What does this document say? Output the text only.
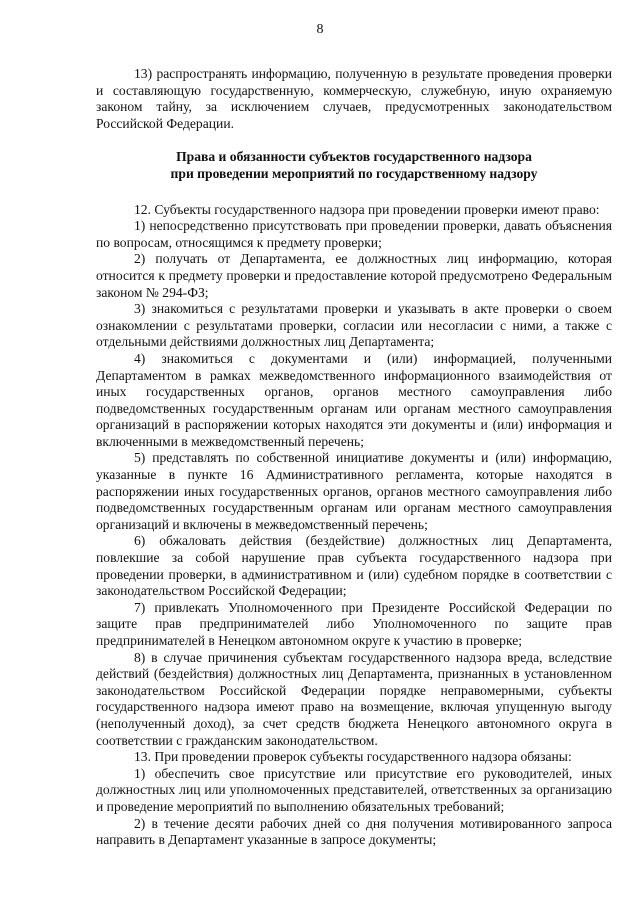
8

13) распространять информацию, полученную в результате проведения проверки и составляющую государственную, коммерческую, служебную, иную охраняемую законом тайну, за исключением случаев, предусмотренных законодательством Российской Федерации.

Права и обязанности субъектов государственного надзора
при проведении мероприятий по государственному надзору

12. Субъекты государственного надзора при проведении проверки имеют право:

1) непосредственно присутствовать при проведении проверки, давать объяснения по вопросам, относящимся к предмету проверки;

2) получать от Департамента, ее должностных лиц информацию, которая относится к предмету проверки и предоставление которой предусмотрено Федеральным законом № 294-ФЗ;

3) знакомиться с результатами проверки и указывать в акте проверки о своем ознакомлении с результатами проверки, согласии или несогласии с ними, а также с отдельными действиями должностных лиц Департамента;

4) знакомиться с документами и (или) информацией, полученными Департаментом в рамках межведомственного информационного взаимодействия от иных государственных органов, органов местного самоуправления либо подведомственных государственным органам или органам местного самоуправления организаций в распоряжении которых находятся эти документы и (или) информация и включенными в межведомственный перечень;

5) представлять по собственной инициативе документы и (или) информацию, указанные в пункте 16 Административного регламента, которые находятся в распоряжении иных государственных органов, органов местного самоуправления либо подведомственных государственным органам или органам местного самоуправления организаций и включены в межведомственный перечень;

6) обжаловать действия (бездействие) должностных лиц Департамента, повлекшие за собой нарушение прав субъекта государственного надзора при проведении проверки, в административном и (или) судебном порядке в соответствии с законодательством Российской Федерации;

7) привлекать Уполномоченного при Президенте Российской Федерации по защите прав предпринимателей либо Уполномоченного по защите прав предпринимателей в Ненецком автономном округе к участию в проверке;

8) в случае причинения субъектам государственного надзора вреда, вследствие действий (бездействия) должностных лиц Департамента, признанных в установленном законодательством Российской Федерации порядке неправомерными, субъекты государственного надзора имеют право на возмещение, включая упущенную выгоду (неполученный доход), за счет средств бюджета Ненецкого автономного округа в соответствии с гражданским законодательством.

13. При проведении проверок субъекты государственного надзора обязаны:

1) обеспечить свое присутствие или присутствие его руководителей, иных должностных лиц или уполномоченных представителей, ответственных за организацию и проведение мероприятий по выполнению обязательных требований;

2) в течение десяти рабочих дней со дня получения мотивированного запроса направить в Департамент указанные в запросе документы;
